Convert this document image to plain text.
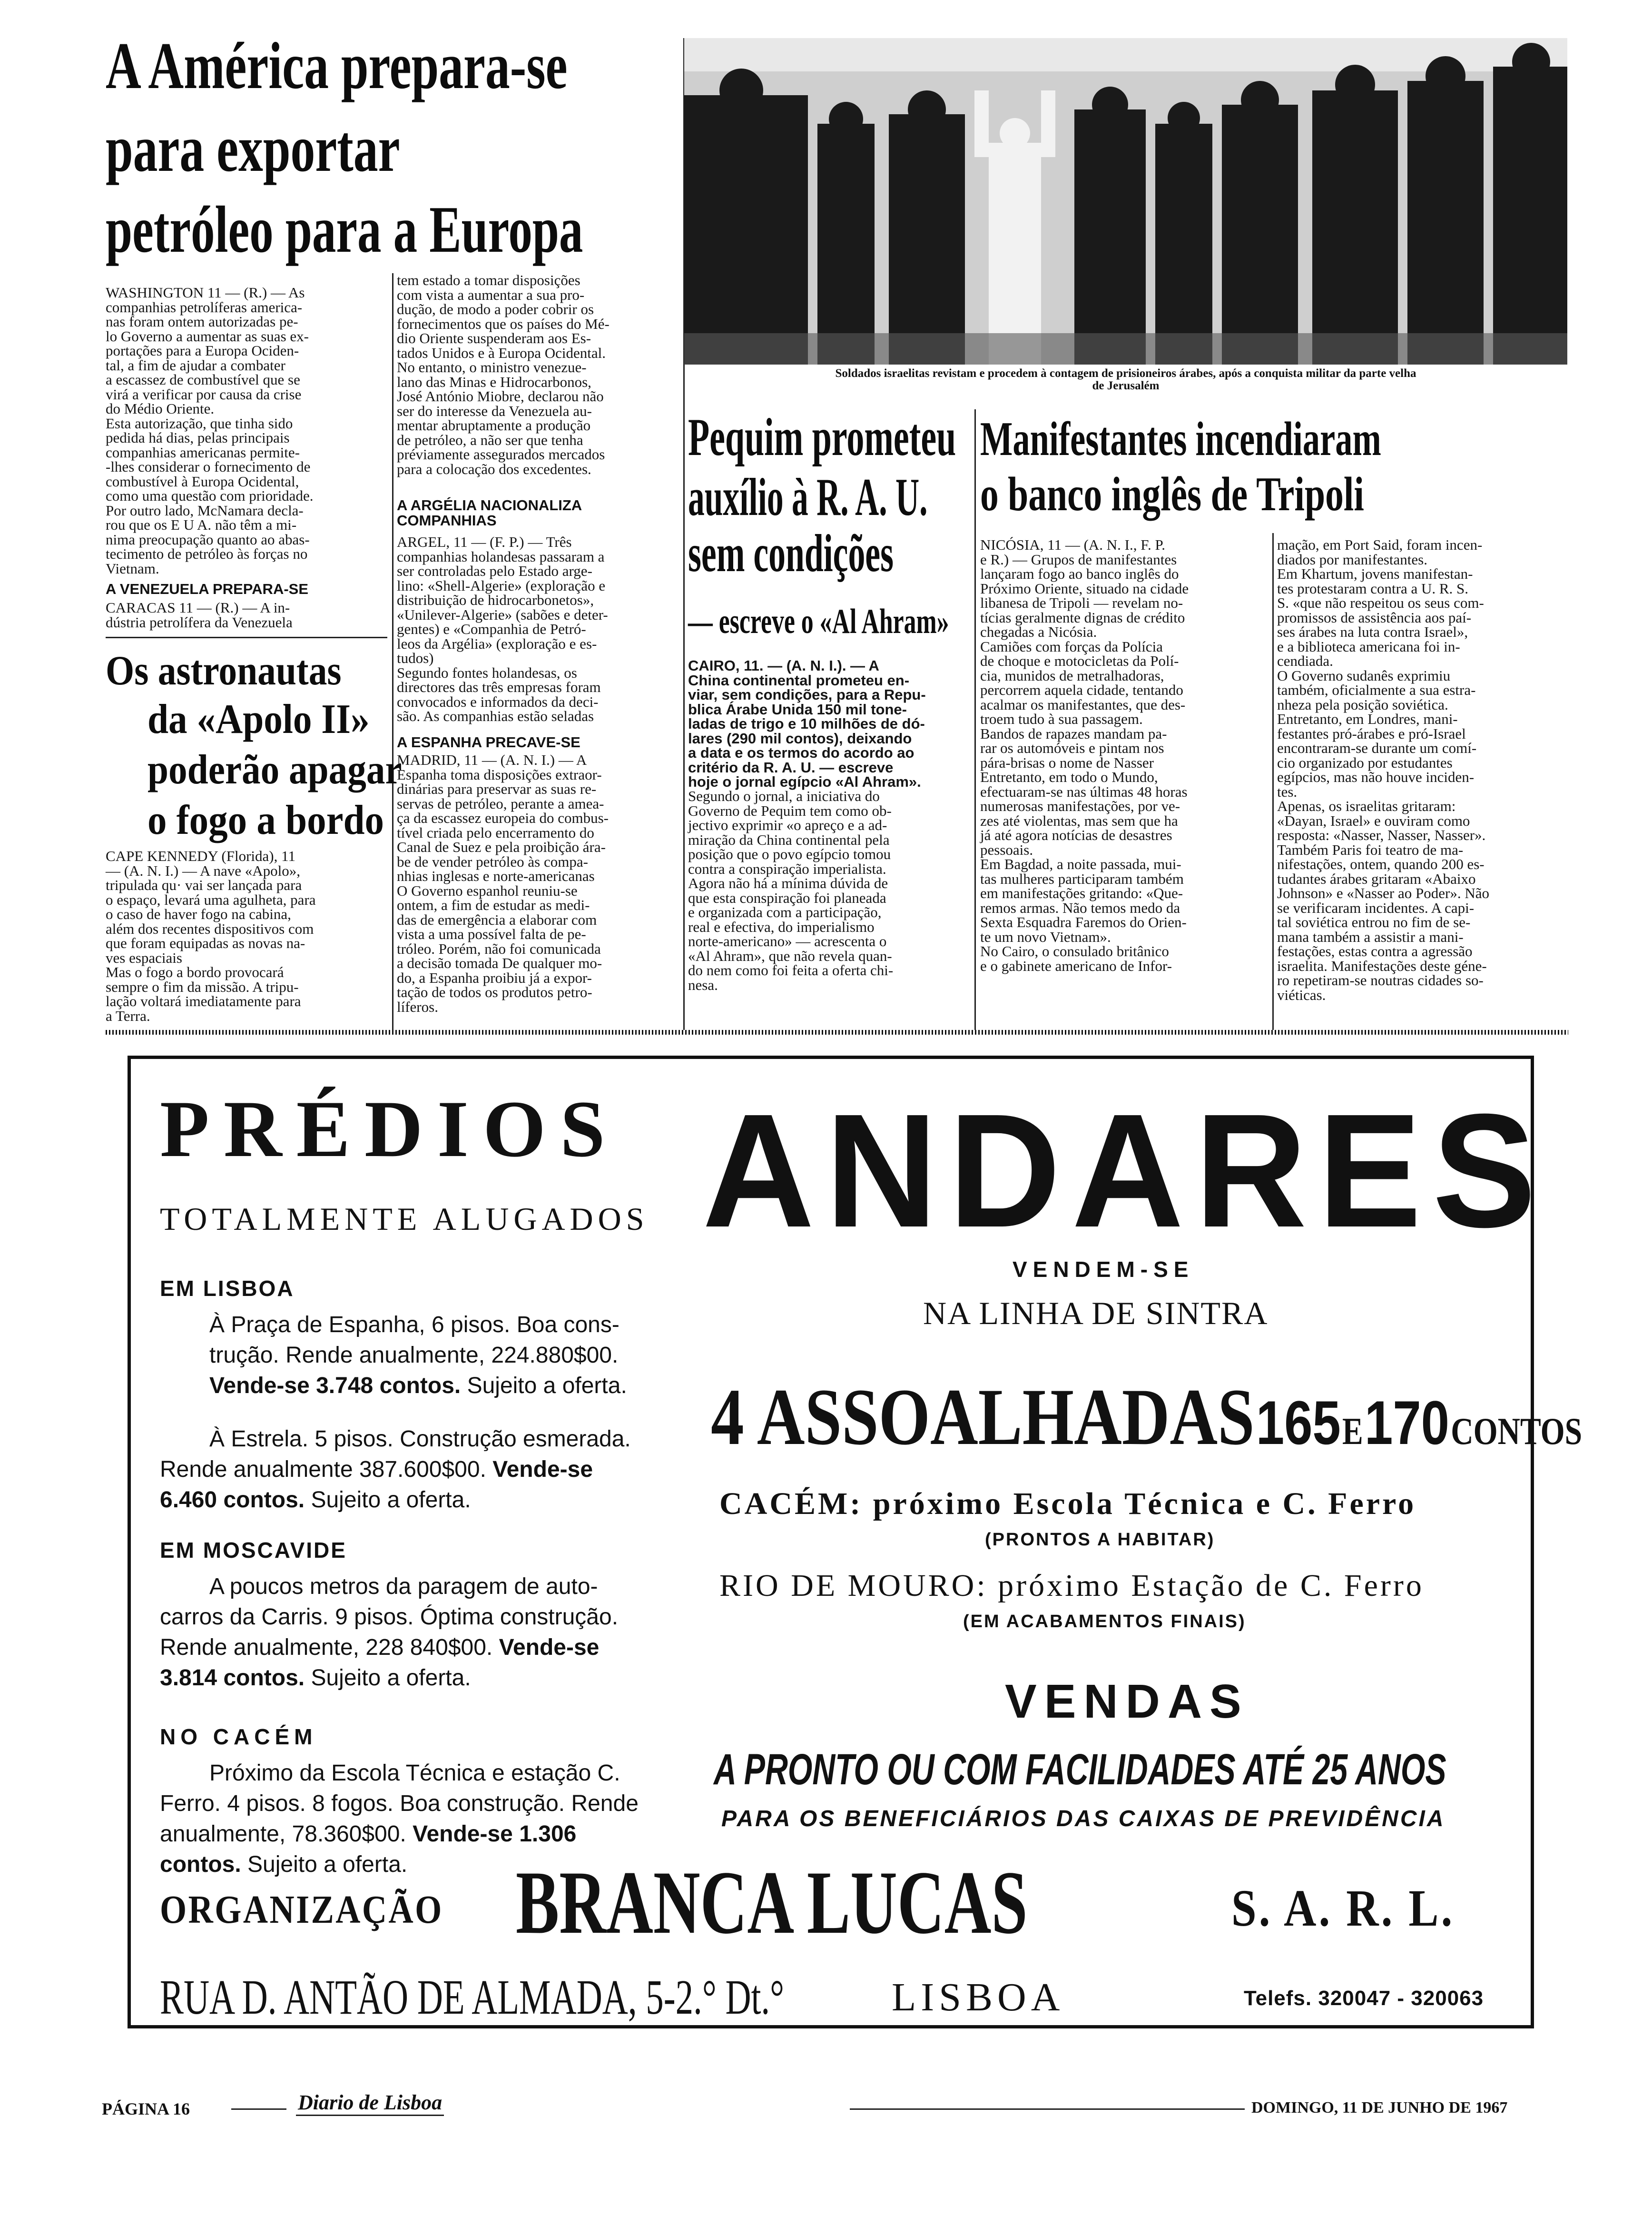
A América prepara-se
para exportar
petróleo para a Europa
WASHINGTON 11 — (R.) — As
companhias petrolíferas america-
nas foram ontem autorizadas pe-
lo Governo a aumentar as suas ex-
portações para a Europa Ociden-
tal, a fim de ajudar a combater
a escassez de combustível que se
virá a verificar por causa da crise
do Médio Oriente.
Esta autorização, que tinha sido
pedida há dias, pelas principais
companhias americanas permite-
-lhes considerar o fornecimento de
combustível à Europa Ocidental,
como uma questão com prioridade.
Por outro lado, McNamara decla-
rou que os E U A. não têm a mi-
nima preocupação quanto ao abas-
tecimento de petróleo às forças no
Vietnam.
A VENEZUELA PREPARA-SE
CARACAS 11 — (R.) — A in-
dústria petrolífera da Venezuela
tem estado a tomar disposições
com vista a aumentar a sua pro-
dução, de modo a poder cobrir os
fornecimentos que os países do Mé-
dio Oriente suspenderam aos Es-
tados Unidos e à Europa Ocidental.
No entanto, o ministro venezue-
lano das Minas e Hidrocarbonos,
José António Miobre, declarou não
ser do interesse da Venezuela au-
mentar abruptamente a produção
de petróleo, a não ser que tenha
préviamente assegurados mercados
para a colocação dos excedentes.
A ARGÉLIA NACIONALIZA
COMPANHIAS
ARGEL, 11 — (F. P.) — Três
companhias holandesas passaram a
ser controladas pelo Estado arge-
lino: «Shell-Algerie» (exploração e
distribuição de hidrocarbonetos»,
«Unilever-Algerie» (sabões e deter-
gentes) e «Companhia de Petró-
leos da Argélia» (exploração e es-
tudos)
Segundo fontes holandesas, os
directores das três empresas foram
convocados e informados da deci-
são. As companhias estão seladas
A ESPANHA PRECAVE-SE
MADRID, 11 — (A. N. I.) — A
Espanha toma disposições extraor-
dinárias para preservar as suas re-
servas de petróleo, perante a amea-
ça da escassez europeia do combus-
tível criada pelo encerramento do
Canal de Suez e pela proibição ára-
be de vender petróleo às compa-
nhias inglesas e norte-americanas
O Governo espanhol reuniu-se
ontem, a fim de estudar as medi-
das de emergência a elaborar com
vista a uma possível falta de pe-
tróleo. Porém, não foi comunicada
a decisão tomada De qualquer mo-
do, a Espanha proibiu já a expor-
tação de todos os produtos petro-
líferos.
Os astronautas
da «Apolo II»
poderão apagar
o fogo a bordo
CAPE KENNEDY (Florida), 11
— (A. N. I.) — A nave «Apolo»,
tripulada qu· vai ser lançada para
o espaço, levará uma agulheta, para
o caso de haver fogo na cabina,
além dos recentes dispositivos com
que foram equipadas as novas na-
ves espaciais
Mas o fogo a bordo provocará
sempre o fim da missão. A tripu-
lação voltará imediatamente para
a Terra.
Soldados israelitas revistam e procedem à contagem de prisioneiros árabes, após a conquista militar da parte velha
de Jerusalém
Pequim prometeu
auxílio à R. A. U.
sem condições
— escreve o «Al Ahram»
CAIRO, 11. — (A. N. I.). — A
China continental prometeu en-
viar, sem condições, para a Repu-
blica Árabe Unida 150 mil tone-
ladas de trigo e 10 milhões de dó-
lares (290 mil contos), deixando
a data e os termos do acordo ao
critério da R. A. U. — escreve
hoje o jornal egípcio «Al Ahram».
Segundo o jornal, a iniciativa do
Governo de Pequim tem como ob-
jectivo exprimir «o apreço e a ad-
miração da China continental pela
posição que o povo egípcio tomou
contra a conspiração imperialista.
Agora não há a mínima dúvida de
que esta conspiração foi planeada
e organizada com a participação,
real e efectiva, do imperialismo
norte-americano» — acrescenta o
«Al Ahram», que não revela quan-
do nem como foi feita a oferta chi-
nesa.
Manifestantes incendiaram
o banco inglês de Tripoli
NICÓSIA, 11 — (A. N. I., F. P.
e R.) — Grupos de manifestantes
lançaram fogo ao banco inglês do
Próximo Oriente, situado na cidade
libanesa de Tripoli — revelam no-
tícias geralmente dignas de crédito
chegadas a Nicósia.
Camiões com forças da Polícia
de choque e motocicletas da Polí-
cia, munidos de metralhadoras,
percorrem aquela cidade, tentando
acalmar os manifestantes, que des-
troem tudo à sua passagem.
Bandos de rapazes mandam pa-
rar os automóveis e pintam nos
pára-brisas o nome de Nasser
Entretanto, em todo o Mundo,
efectuaram-se nas últimas 48 horas
numerosas manifestações, por ve-
zes até violentas, mas sem que ha
já até agora notícias de desastres
pessoais.
Em Bagdad, a noite passada, mui-
tas mulheres participaram também
em manifestações gritando: «Que-
remos armas. Não temos medo da
Sexta Esquadra Faremos do Orien-
te um novo Vietnam».
No Cairo, o consulado britânico
e o gabinete americano de Infor-
mação, em Port Said, foram incen-
diados por manifestantes.
Em Khartum, jovens manifestan-
tes protestaram contra a U. R. S.
S. «que não respeitou os seus com-
promissos de assistência aos paí-
ses árabes na luta contra Israel»,
e a biblioteca americana foi in-
cendiada.
O Governo sudanês exprimiu
também, oficialmente a sua estra-
nheza pela posição soviética.
Entretanto, em Londres, mani-
festantes pró-árabes e pró-Israel
encontraram-se durante um comí-
cio organizado por estudantes
egípcios, mas não houve inciden-
tes.
Apenas, os israelitas gritaram:
«Dayan, Israel» e ouviram como
resposta: «Nasser, Nasser, Nasser».
Também Paris foi teatro de ma-
nifestações, ontem, quando 200 es-
tudantes árabes gritaram «Abaixo
Johnson» e «Nasser ao Poder». Não
se verificaram incidentes. A capi-
tal soviética entrou no fim de se-
mana também a assistir a mani-
festações, estas contra a agressão
israelita. Manifestações deste géne-
ro repetiram-se noutras cidades so-
viéticas.
PRÉDIOS
TOTALMENTE ALUGADOS
EM LISBOA
À Praça de Espanha, 6 pisos. Boa cons-
trução. Rende anualmente, 224.880$00.
Vende-se 3.748 contos. Sujeito a oferta.
À Estrela. 5 pisos. Construção esmerada.
Rende anualmente 387.600$00. Vende-se
6.460 contos. Sujeito a oferta.
EM MOSCAVIDE
A poucos metros da paragem de auto-
carros da Carris. 9 pisos. Óptima construção.
Rende anualmente, 228 840$00. Vende-se
3.814 contos. Sujeito a oferta.
NO CACÉM
Próximo da Escola Técnica e estação C.
Ferro. 4 pisos. 8 fogos. Boa construção. Rende
anualmente, 78.360$00. Vende-se 1.306
contos. Sujeito a oferta.
ANDARES
VENDEM-SE
NA LINHA DE SINTRA
4 ASSOALHADAS 165 E 170 CONTOS
CACÉM: próximo Escola Técnica e C. Ferro
(PRONTOS A HABITAR)
RIO DE MOURO: próximo Estação de C. Ferro
(EM ACABAMENTOS FINAIS)
VENDAS
A PRONTO OU COM FACILIDADES ATÉ 25 ANOS
PARA OS BENEFICIÁRIOS DAS CAIXAS DE PREVIDÊNCIA
ORGANIZAÇÃO BRANCA LUCAS	S. A. R. L.
RUA D. ANTÃO DE ALMADA, 5-2.° Dt.°	LISBOA	Telefs. 320047 - 320063
PÁGINA 16	Diario de Lisboa	DOMINGO, 11 DE JUNHO DE 1967
